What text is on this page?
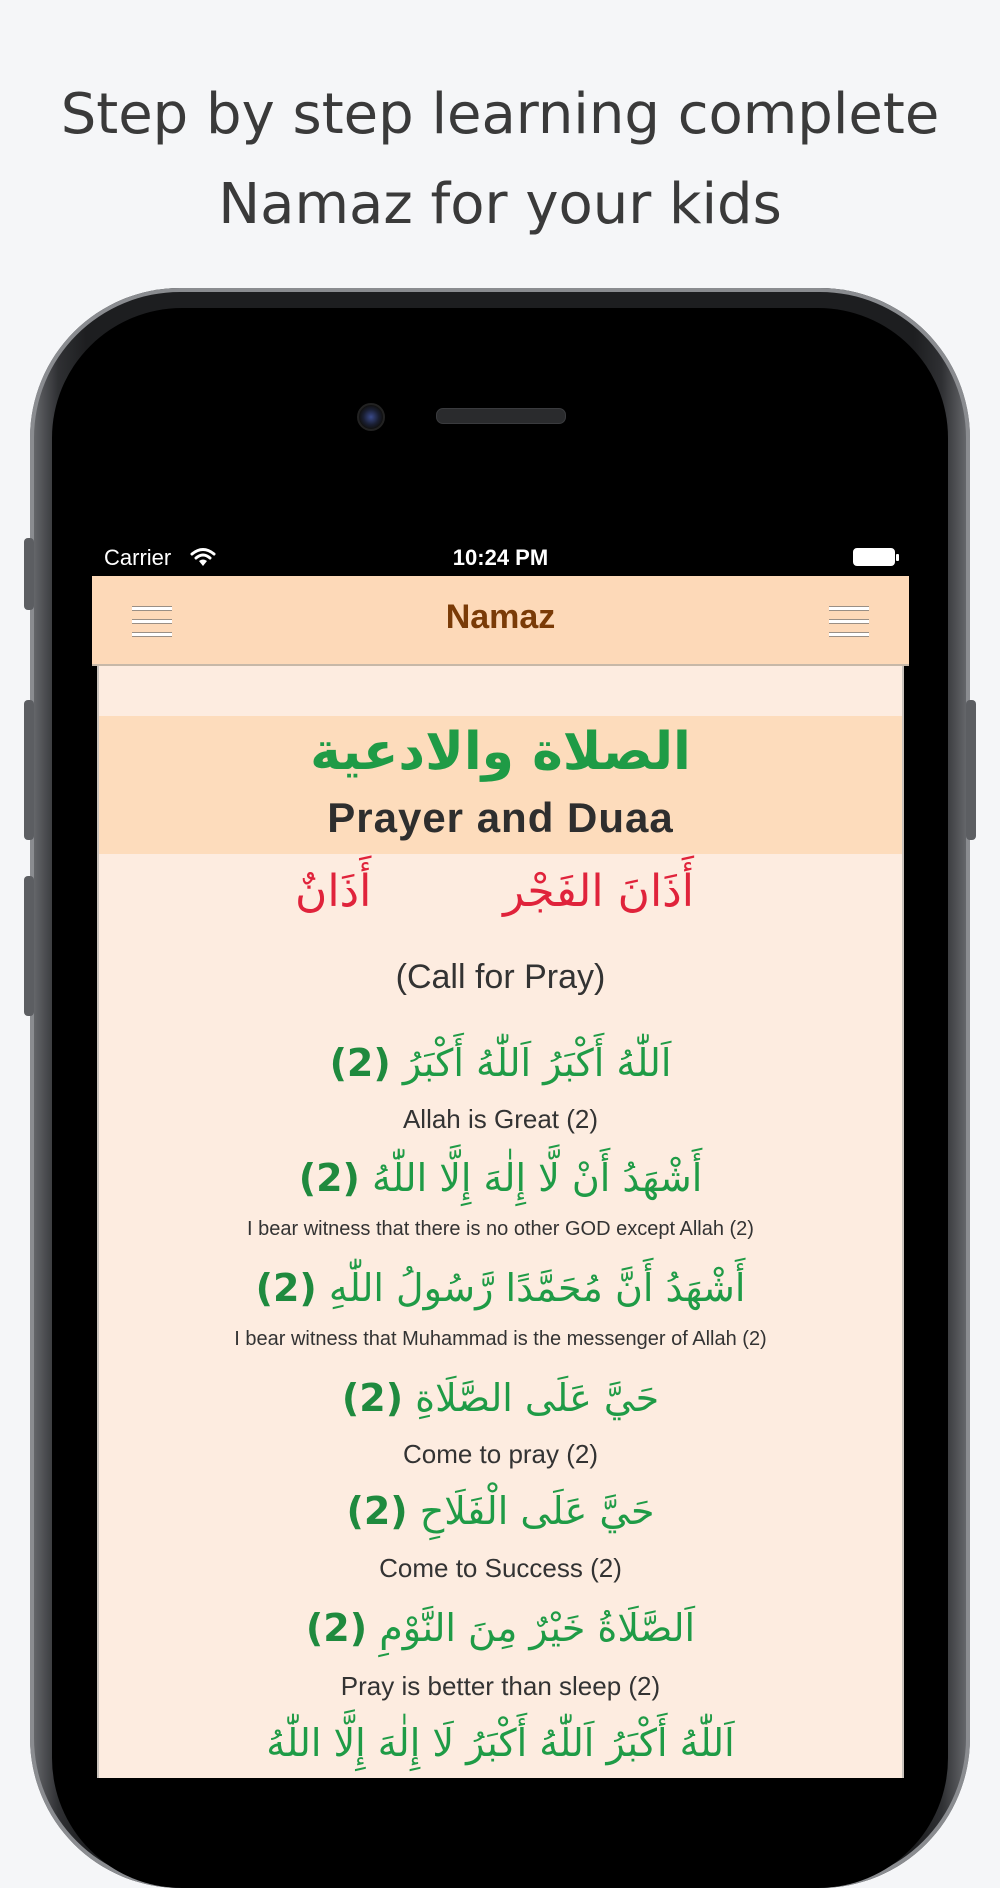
Step by step learning complete
Namaz for your kids
Carrier	10:24 PM
Namaz
الصلاة والادعية
Prayer and Duaa
أَذَانَ الفَجْر
أَذَانٌ
(Call for Pray)
(2) اَللّٰهُ أَكْبَرُ اَللّٰهُ أَكْبَرُ
Allah is Great (2)
(2) أَشْهَدُ أَنْ لَّا إِلٰهَ إِلَّا اللّٰهُ
I bear witness that there is no other GOD except Allah (2)
(2) أَشْهَدُ أَنَّ مُحَمَّدًا رَّسُولُ اللّٰهِ
I bear witness that Muhammad is the messenger of Allah (2)
(2) حَيَّ عَلَى الصَّلَاةِ
Come to pray (2)
(2) حَيَّ عَلَى الْفَلَاحِ
Come to Success (2)
(2) اَلصَّلَاةُ خَيْرٌ مِنَ النَّوْمِ
Pray is better than sleep (2)
اَللّٰهُ أَكْبَرُ اَللّٰهُ أَكْبَرُ لَا إِلٰهَ إِلَّا اللّٰهُ
